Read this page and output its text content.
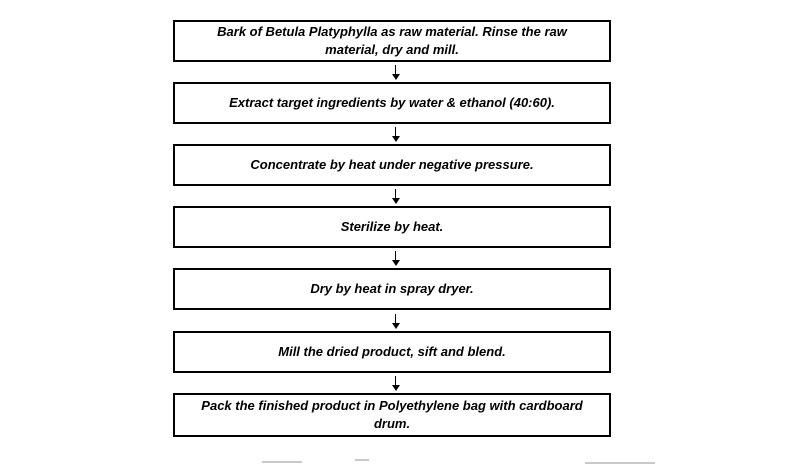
Bark of Betula Platyphylla as raw material. Rinse the raw material, dry and mill.
Extract target ingredients by water & ethanol (40:60).
Concentrate by heat under negative pressure.
Sterilize by heat.
Dry by heat in spray dryer.
Mill the dried product, sift and blend.
Pack the finished product in Polyethylene bag with cardboard drum.
